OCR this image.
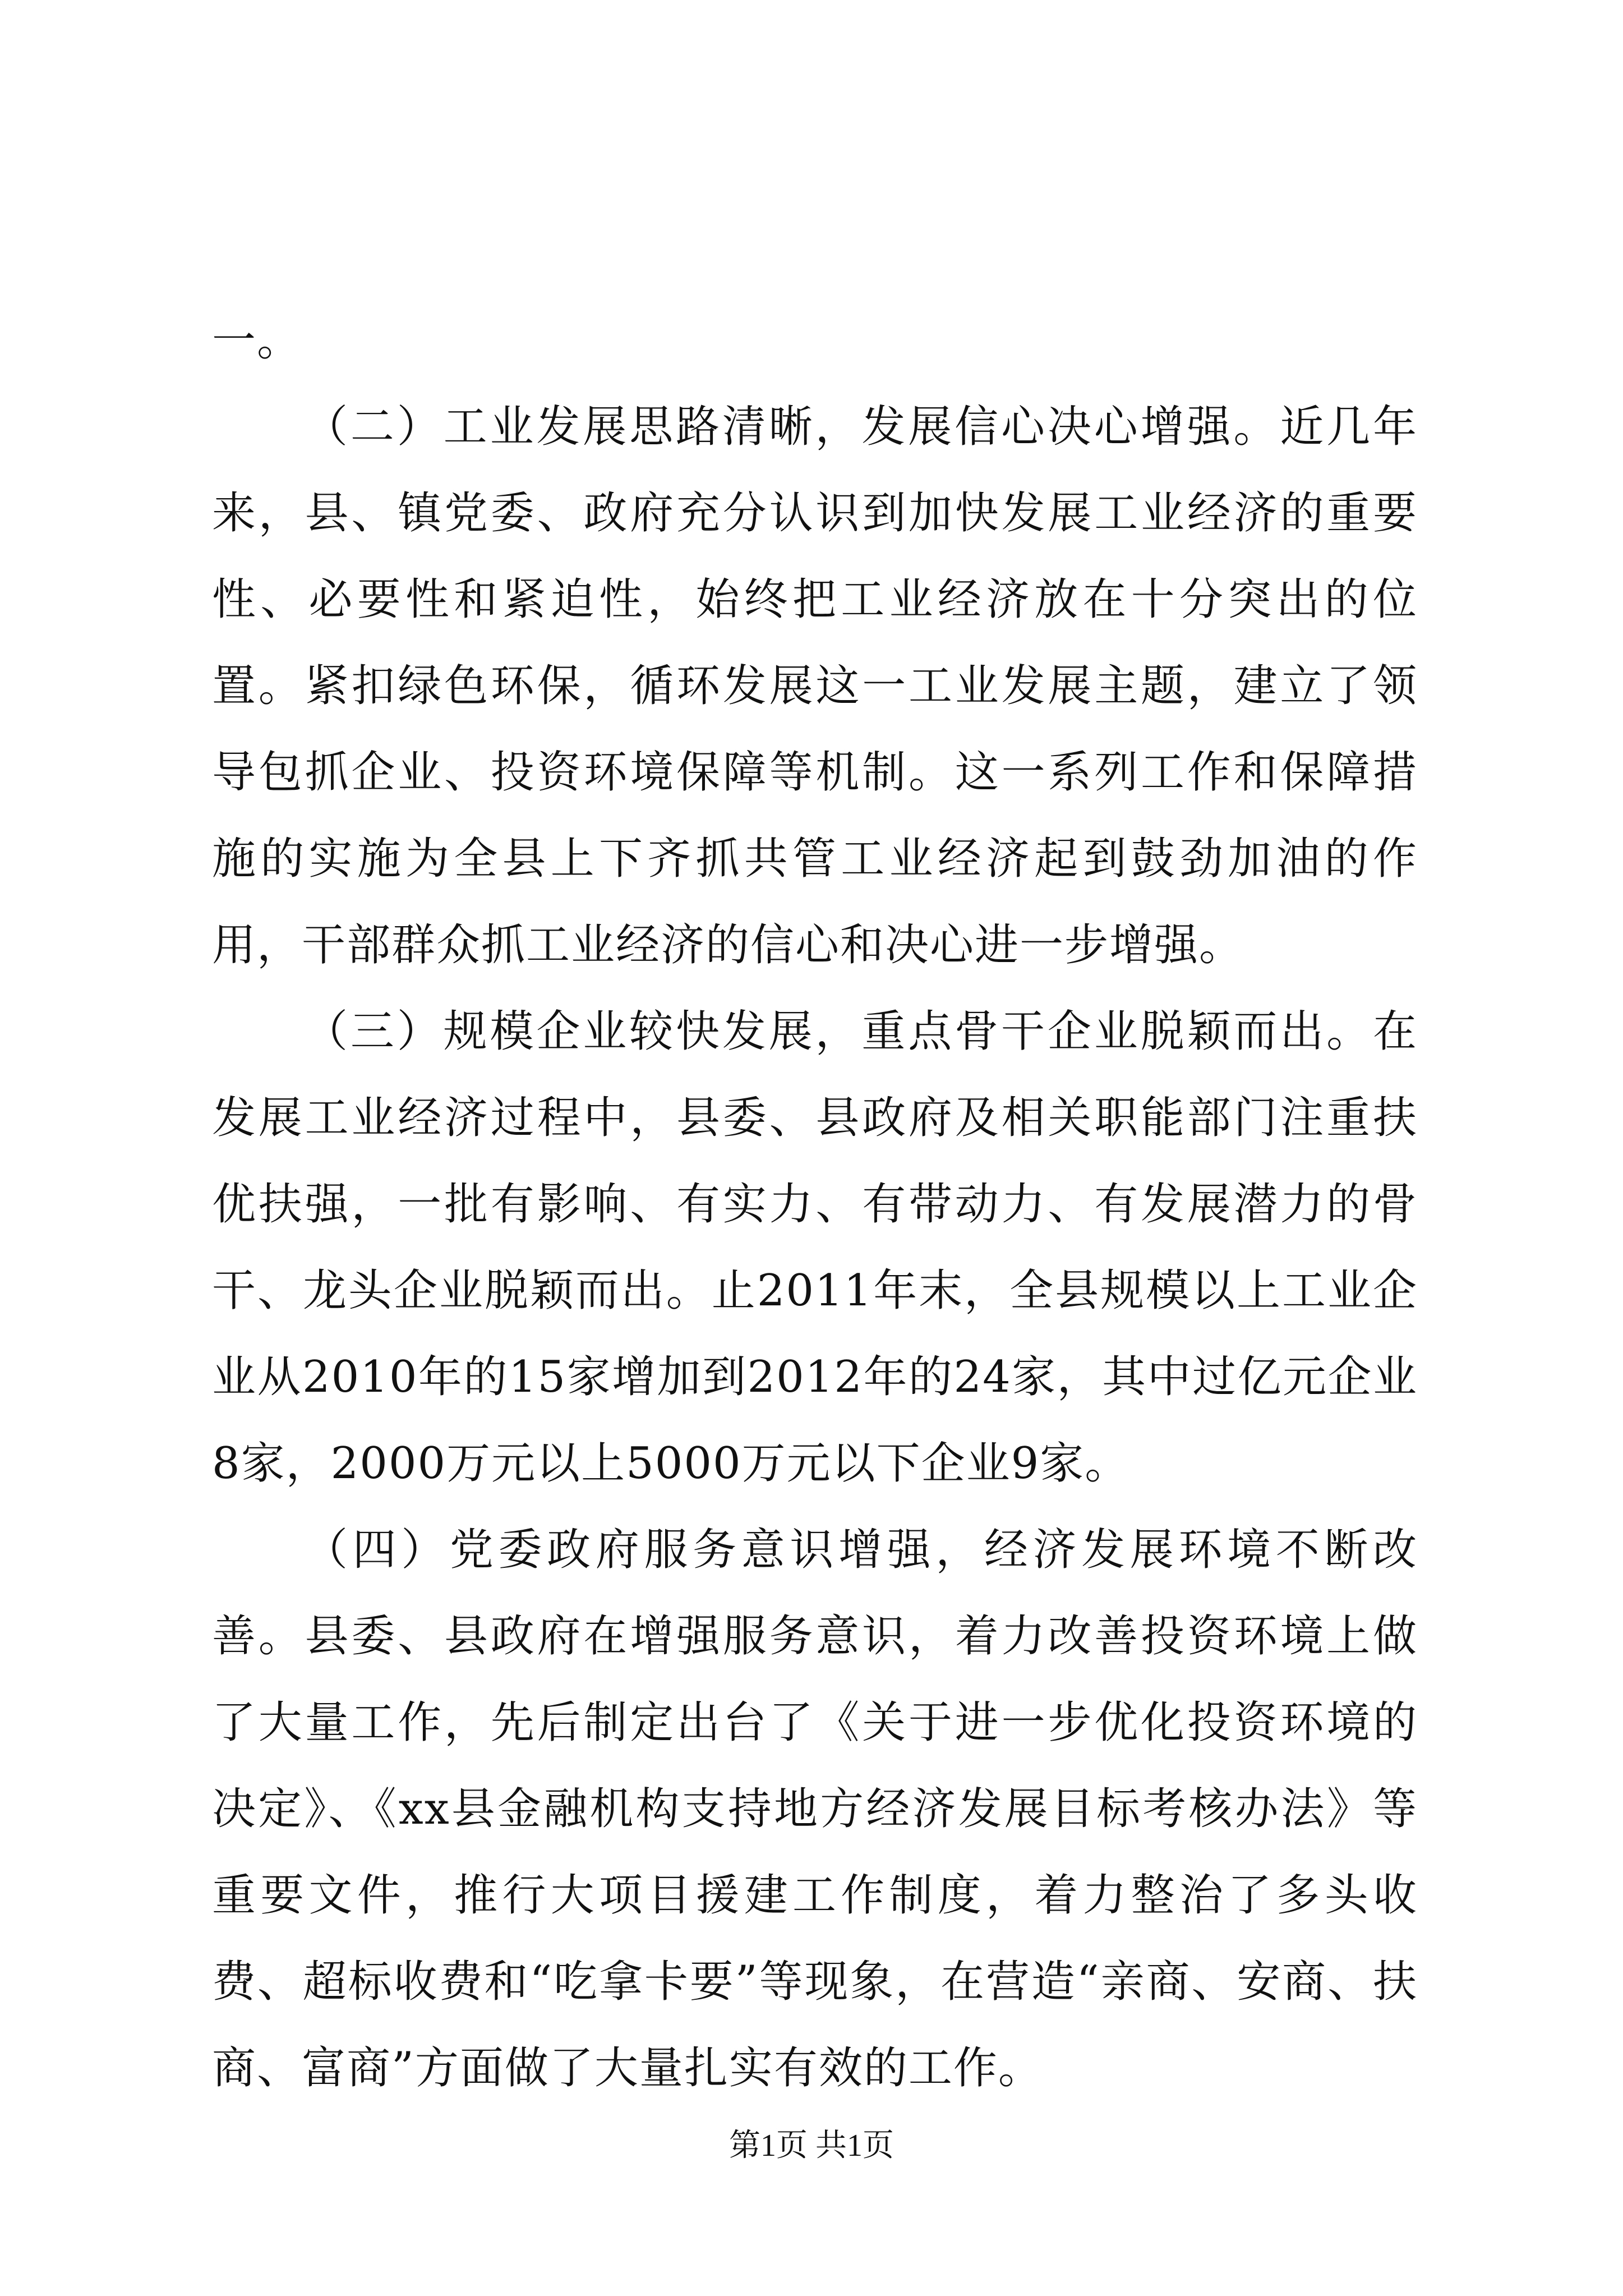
一。

（二）工业发展思路清晰，发展信心决心增强。近几年来，县、镇党委、政府充分认识到加快发展工业经济的重要性、必要性和紧迫性，始终把工业经济放在十分突出的位置。紧扣绿色环保，循环发展这一工业发展主题，建立了领导包抓企业、投资环境保障等机制。这一系列工作和保障措施的实施为全县上下齐抓共管工业经济起到鼓劲加油的作用，干部群众抓工业经济的信心和决心进一步增强。

（三）规模企业较快发展，重点骨干企业脱颖而出。在发展工业经济过程中，县委、县政府及相关职能部门注重扶优扶强，一批有影响、有实力、有带动力、有发展潜力的骨干、龙头企业脱颖而出。止2011年末，全县规模以上工业企业从2010年的15家增加到2012年的24家，其中过亿元企业8家，2000万元以上5000万元以下企业9家。

（四）党委政府服务意识增强，经济发展环境不断改善。县委、县政府在增强服务意识，着力改善投资环境上做了大量工作，先后制定出台了《关于进一步优化投资环境的决定》、《xx县金融机构支持地方经济发展目标考核办法》等重要文件，推行大项目援建工作制度，着力整治了多头收费、超标收费和“吃拿卡要”等现象，在营造“亲商、安商、扶商、富商”方面做了大量扎实有效的工作。

第1页 共1页
